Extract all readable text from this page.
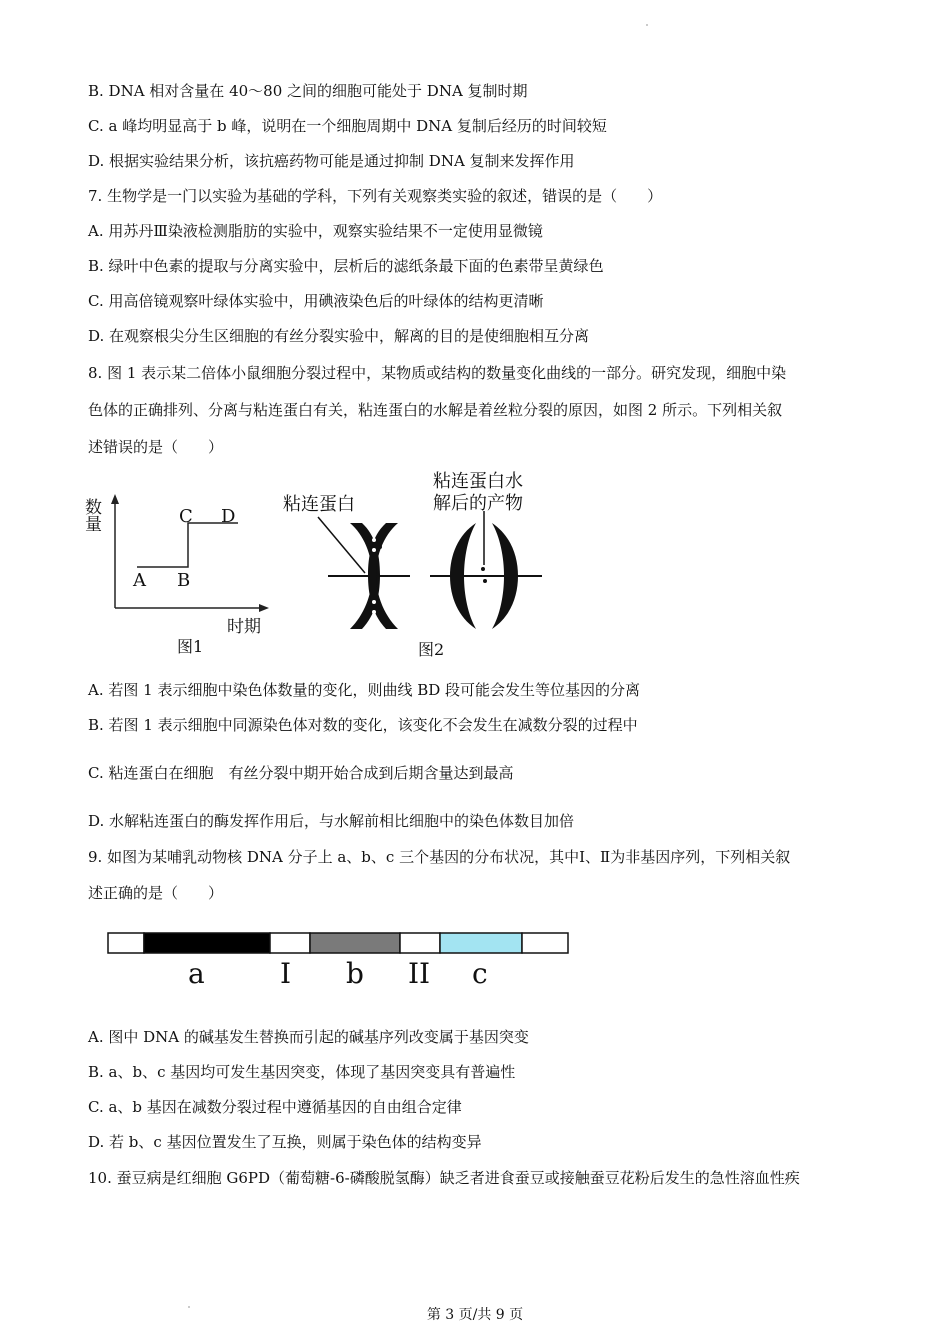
B. DNA 相对含量在 40～80 之间的细胞可能处于 DNA 复制时期
C. a 峰均明显高于 b 峰，说明在一个细胞周期中 DNA 复制后经历的时间较短
D. 根据实验结果分析，该抗癌药物可能是通过抑制 DNA 复制来发挥作用
7. 生物学是一门以实验为基础的学科，下列有关观察类实验的叙述，错误的是（　　）
A. 用苏丹Ⅲ染液检测脂肪的实验中，观察实验结果不一定使用显微镜
B. 绿叶中色素的提取与分离实验中，层析后的滤纸条最下面的色素带呈黄绿色
C. 用高倍镜观察叶绿体实验中，用碘液染色后的叶绿体的结构更清晰
D. 在观察根尖分生区细胞的有丝分裂实验中，解离的目的是使细胞相互分离
8. 图 1 表示某二倍体小鼠细胞分裂过程中，某物质或结构的数量变化曲线的一部分。研究发现，细胞中染
色体的正确排列、分离与粘连蛋白有关，粘连蛋白的水解是着丝粒分裂的原因，如图 2 所示。下列相关叙
述错误的是（　　）
数量
A B
C D
时期
图1
粘连蛋白
粘连蛋白水
解后的产物
图2
A. 若图 1 表示细胞中染色体数量的变化，则曲线 BD 段可能会发生等位基因的分离
B. 若图 1 表示细胞中同源染色体对数的变化，该变化不会发生在减数分裂的过程中
C. 粘连蛋白在细胞　有丝分裂中期开始合成到后期含量达到最高
D. 水解粘连蛋白的酶发挥作用后，与水解前相比细胞中的染色体数目加倍
9. 如图为某哺乳动物核 DNA 分子上 a、b、c 三个基因的分布状况，其中Ⅰ、Ⅱ为非基因序列，下列相关叙
述正确的是（　　）
a	I b II c
A. 图中 DNA 的碱基发生替换而引起的碱基序列改变属于基因突变
B. a、b、c 基因均可发生基因突变，体现了基因突变具有普遍性
C. a、b 基因在减数分裂过程中遵循基因的自由组合定律
D. 若 b、c 基因位置发生了互换，则属于染色体的结构变异
10. 蚕豆病是红细胞 G6PD（葡萄糖-6-磷酸脱氢酶）缺乏者进食蚕豆或接触蚕豆花粉后发生的急性溶血性疾
第 3 页/共 9 页
